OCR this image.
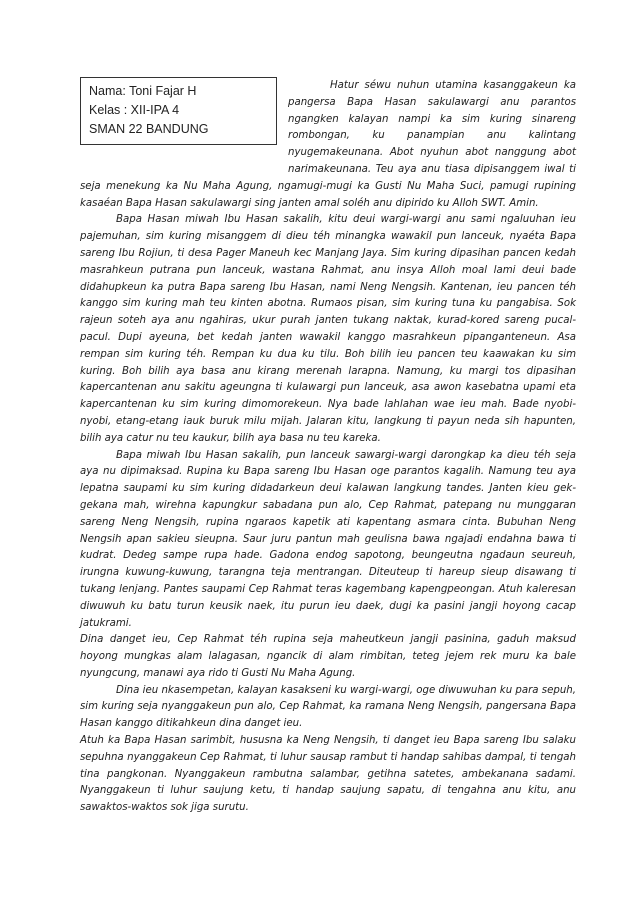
Nama: Toni Fajar H
Kelas : XII-IPA 4
SMAN 22 BANDUNG

Hatur séwu nuhun utamina kasanggakeun ka pangersa Bapa Hasan sakulawargi anu parantos ngangken kalayan nampi ka sim kuring sinareng rombongan, ku panampian anu kalintang nyugemakeunana. Abot nyuhun abot nanggung abot narimakeunana. Teu aya anu tiasa dipisanggem iwal ti seja menekung ka Nu Maha Agung, ngamugi-mugi ka Gusti Nu Maha Suci, pamugi rupining kasaéan Bapa Hasan sakulawargi sing janten amal soléh anu dipirido ku Alloh SWT. Amin.

Bapa Hasan miwah Ibu Hasan sakalih, kitu deui wargi-wargi anu sami ngaluuhan ieu pajemuhan, sim kuring misanggem di dieu téh minangka wawakil pun lanceuk, nyaéta Bapa sareng Ibu Rojiun, ti desa Pager Maneuh kec Manjang Jaya. Sim kuring dipasihan pancen kedah masrahkeun putrana pun lanceuk, wastana Rahmat, anu insya Alloh moal lami deui bade didahupkeun ka putra Bapa sareng Ibu Hasan, nami Neng Nengsih. Kantenan, ieu pancen téh kanggo sim kuring mah teu kinten abotna. Rumaos pisan, sim kuring tuna ku pangabisa. Sok rajeun soteh aya anu ngahiras, ukur purah janten tukang naktak, kurad-kored sareng pucal-pacul. Dupi ayeuna, bet kedah janten wawakil kanggo masrahkeun pipanganteneun. Asa rempan sim kuring téh. Rempan ku dua ku tilu. Boh bilih ieu pancen teu kaawakan ku sim kuring. Boh bilih aya basa anu kirang merenah larapna. Namung, ku margi tos dipasihan kapercantenan anu sakitu ageungna ti kulawargi pun lanceuk, asa awon kasebatna upami eta kapercantenan ku sim kuring dimomorekeun. Nya bade lahlahan wae ieu mah. Bade nyobi-nyobi, etang-etang iauk buruk milu mijah. Jalaran kitu, langkung ti payun neda sih hapunten, bilih aya catur nu teu kaukur, bilih aya basa nu teu kareka.

Bapa miwah Ibu Hasan sakalih, pun lanceuk sawargi-wargi darongkap ka dieu téh seja aya nu dipimaksad. Rupina ku Bapa sareng Ibu Hasan oge parantos kagalih. Namung teu aya lepatna saupami ku sim kuring didadarkeun deui kalawan langkung tandes. Janten kieu gek-gekana mah, wirehna kapungkur sabadana pun alo, Cep Rahmat, patepang nu munggaran sareng Neng Nengsih, rupina ngaraos kapetik ati kapentang asmara cinta. Bubuhan Neng Nengsih apan sakieu sieupna. Saur juru pantun mah geulisna bawa ngajadi endahna bawa ti kudrat. Dedeg sampe rupa hade. Gadona endog sapotong, beungeutna ngadaun seureuh, irungna kuwung-kuwung, tarangna teja mentrangan. Diteuteup ti hareup sieup disawang ti tukang lenjang. Pantes saupami Cep Rahmat teras kagembang kapengpeongan. Atuh kaleresan diwuwuh ku batu turun keusik naek, itu purun ieu daek, dugi ka pasini jangji hoyong cacap jatukrami.

Dina danget ieu, Cep Rahmat téh rupina seja maheutkeun jangji pasinina, gaduh maksud hoyong mungkas alam lalagasan, ngancik di alam rimbitan, teteg jejem rek muru ka bale nyungcung, manawi aya rido ti Gusti Nu Maha Agung.

Dina ieu nkasempetan, kalayan kasakseni ku wargi-wargi, oge diwuwuhan ku para sepuh, sim kuring seja nyanggakeun pun alo, Cep Rahmat, ka ramana Neng Nengsih, pangersana Bapa Hasan kanggo ditikahkeun dina danget ieu.

Atuh ka Bapa Hasan sarimbit, hususna ka Neng Nengsih, ti danget ieu Bapa sareng Ibu salaku sepuhna nyanggakeun Cep Rahmat, ti luhur sausap rambut ti handap sahibas dampal, ti tengah tina pangkonan. Nyanggakeun rambutna salambar, getihna satetes, ambekanana sadami. Nyanggakeun ti luhur saujung ketu, ti handap saujung sapatu, di tengahna anu kitu, anu sawaktos-waktos sok jiga surutu.
